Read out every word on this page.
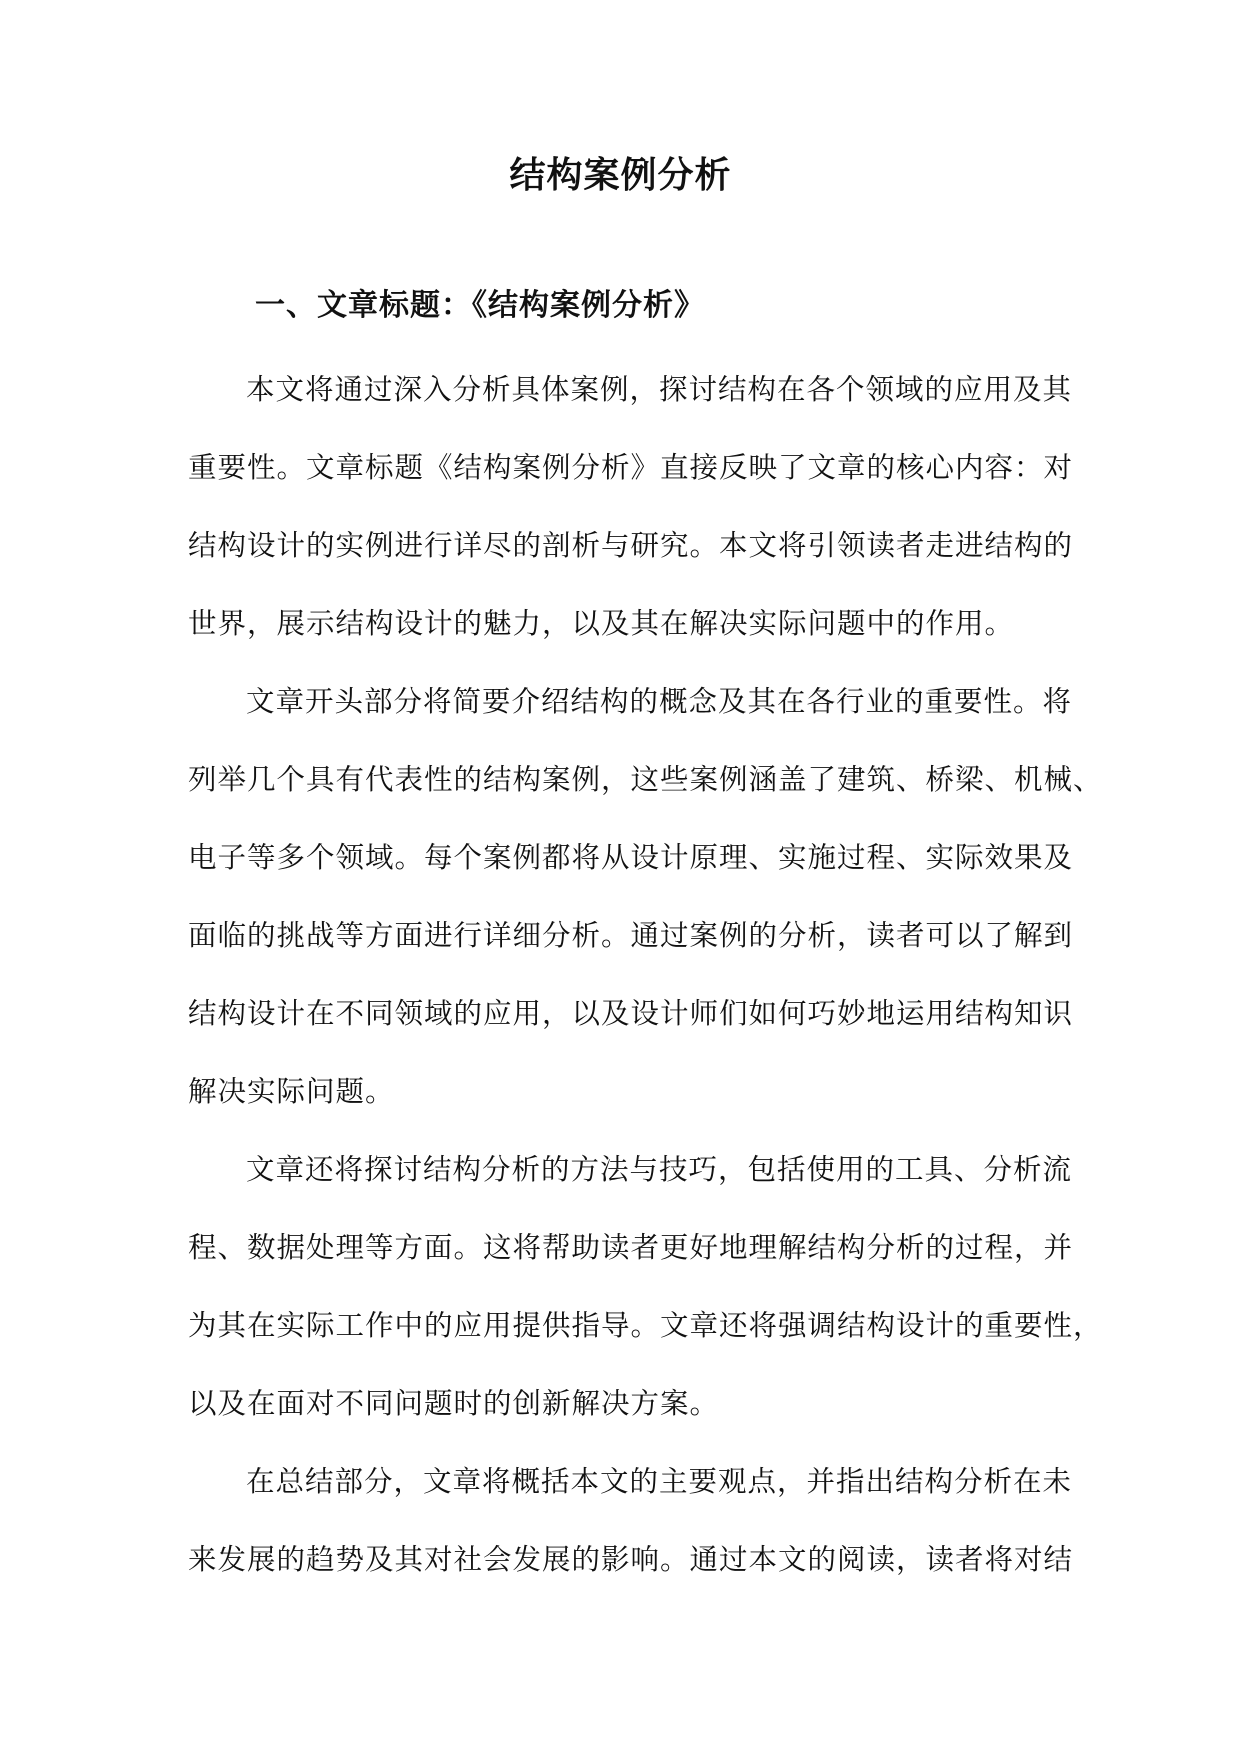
结构案例分析
一、文章标题：《结构案例分析》
本文将通过深入分析具体案例，探讨结构在各个领域的应用及其
重要性。文章标题《结构案例分析》直接反映了文章的核心内容：对
结构设计的实例进行详尽的剖析与研究。本文将引领读者走进结构的
世界，展示结构设计的魅力，以及其在解决实际问题中的作用。
文章开头部分将简要介绍结构的概念及其在各行业的重要性。将
列举几个具有代表性的结构案例，这些案例涵盖了建筑、桥梁、机械、
电子等多个领域。每个案例都将从设计原理、实施过程、实际效果及
面临的挑战等方面进行详细分析。通过案例的分析，读者可以了解到
结构设计在不同领域的应用，以及设计师们如何巧妙地运用结构知识
解决实际问题。
文章还将探讨结构分析的方法与技巧，包括使用的工具、分析流
程、数据处理等方面。这将帮助读者更好地理解结构分析的过程，并
为其在实际工作中的应用提供指导。文章还将强调结构设计的重要性，
以及在面对不同问题时的创新解决方案。
在总结部分，文章将概括本文的主要观点，并指出结构分析在未
来发展的趋势及其对社会发展的影响。通过本文的阅读，读者将对结
